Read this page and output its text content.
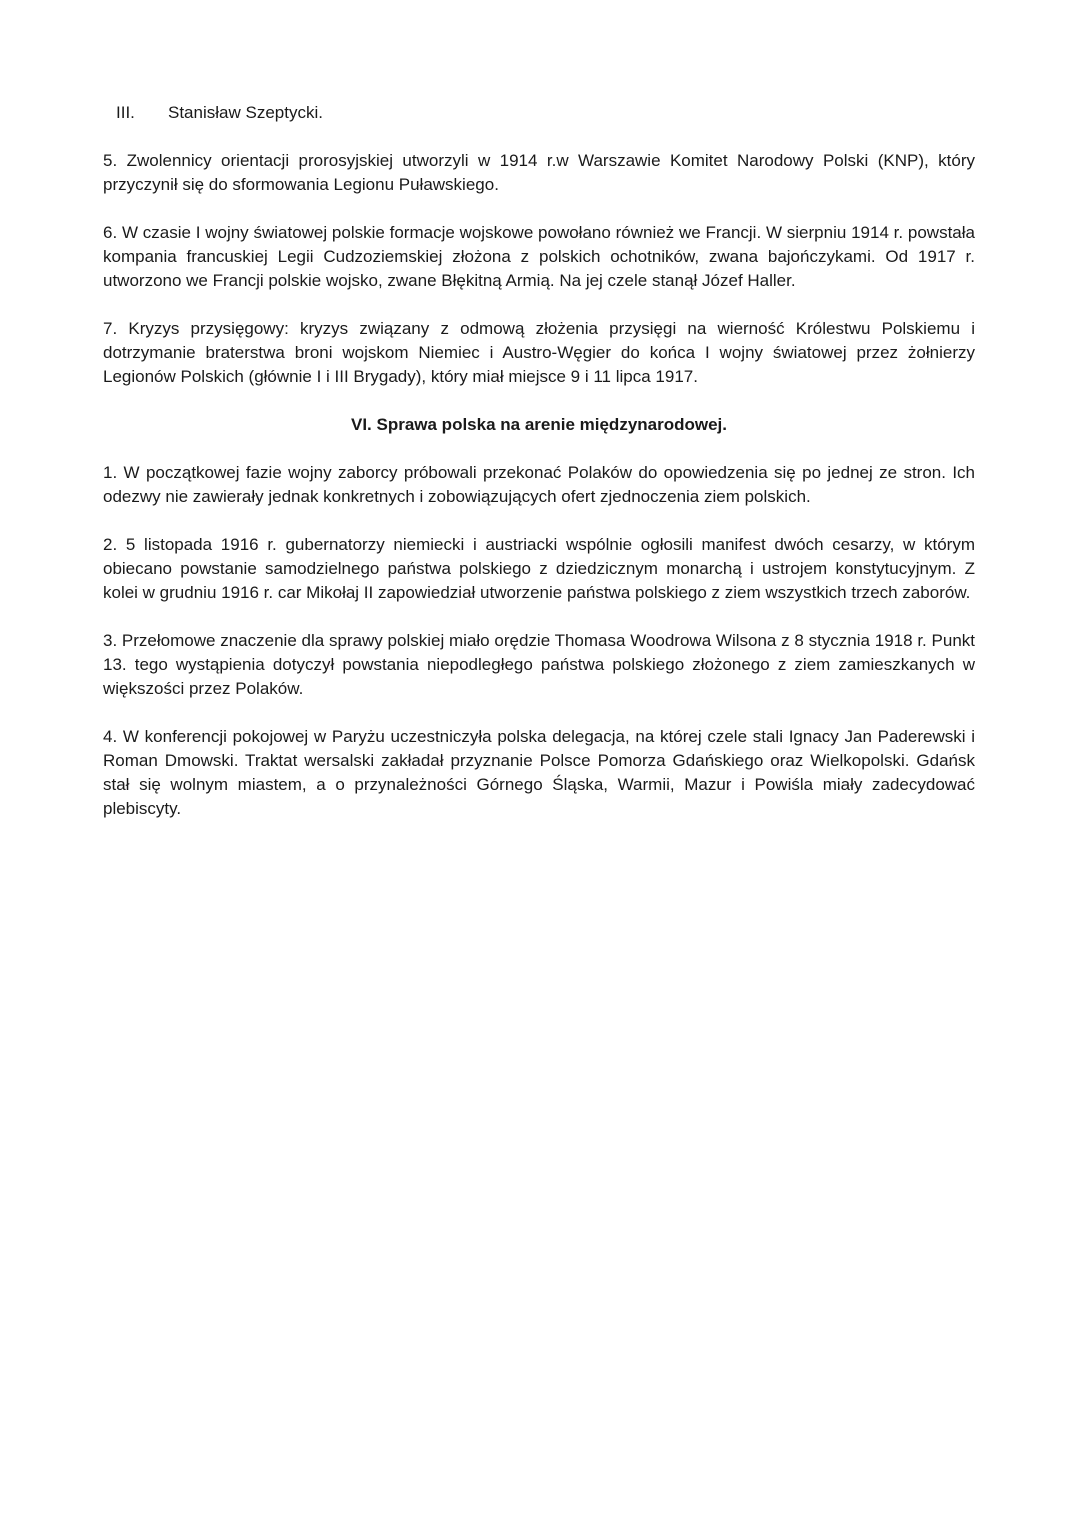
III.	Stanisław Szeptycki.

5. Zwolennicy orientacji prorosyjskiej utworzyli w 1914 r.w Warszawie Komitet Narodowy Polski (KNP), który przyczynił się do sformowania Legionu Puławskiego.

6. W czasie I wojny światowej polskie formacje wojskowe powołano również we Francji. W sierpniu 1914 r. powstała kompania francuskiej Legii Cudzoziemskiej złożona z polskich ochotników, zwana bajończykami. Od 1917 r. utworzono we Francji polskie wojsko, zwane Błękitną Armią. Na jej czele stanął Józef Haller.

7. Kryzys przysięgowy: kryzys związany z odmową złożenia przysięgi na wierność Królestwu Polskiemu i dotrzymanie braterstwa broni wojskom Niemiec i Austro-Węgier do końca I wojny światowej przez żołnierzy Legionów Polskich (głównie I i III Brygady), który miał miejsce 9 i 11 lipca 1917.

VI. Sprawa polska na arenie międzynarodowej.

1. W początkowej fazie wojny zaborcy próbowali przekonać Polaków do opowiedzenia się po jednej ze stron. Ich odezwy nie zawierały jednak konkretnych i zobowiązujących ofert zjednoczenia ziem polskich.

2. 5 listopada 1916 r. gubernatorzy niemiecki i austriacki wspólnie ogłosili manifest dwóch cesarzy, w którym obiecano powstanie samodzielnego państwa polskiego z dziedzicznym monarchą i ustrojem konstytucyjnym. Z kolei w grudniu 1916 r. car Mikołaj II zapowiedział utworzenie państwa polskiego z ziem wszystkich trzech zaborów.

3. Przełomowe znaczenie dla sprawy polskiej miało orędzie Thomasa Woodrowa Wilsona z 8 stycznia 1918 r. Punkt 13. tego wystąpienia dotyczył powstania niepodległego państwa polskiego złożonego z ziem zamieszkanych w większości przez Polaków.

4. W konferencji pokojowej w Paryżu uczestniczyła polska delegacja, na której czele stali Ignacy Jan Paderewski i Roman Dmowski. Traktat wersalski zakładał przyznanie Polsce Pomorza Gdańskiego oraz Wielkopolski. Gdańsk stał się wolnym miastem, a o przynależności Górnego Śląska, Warmii, Mazur i Powiśla miały zadecydować plebiscyty.
